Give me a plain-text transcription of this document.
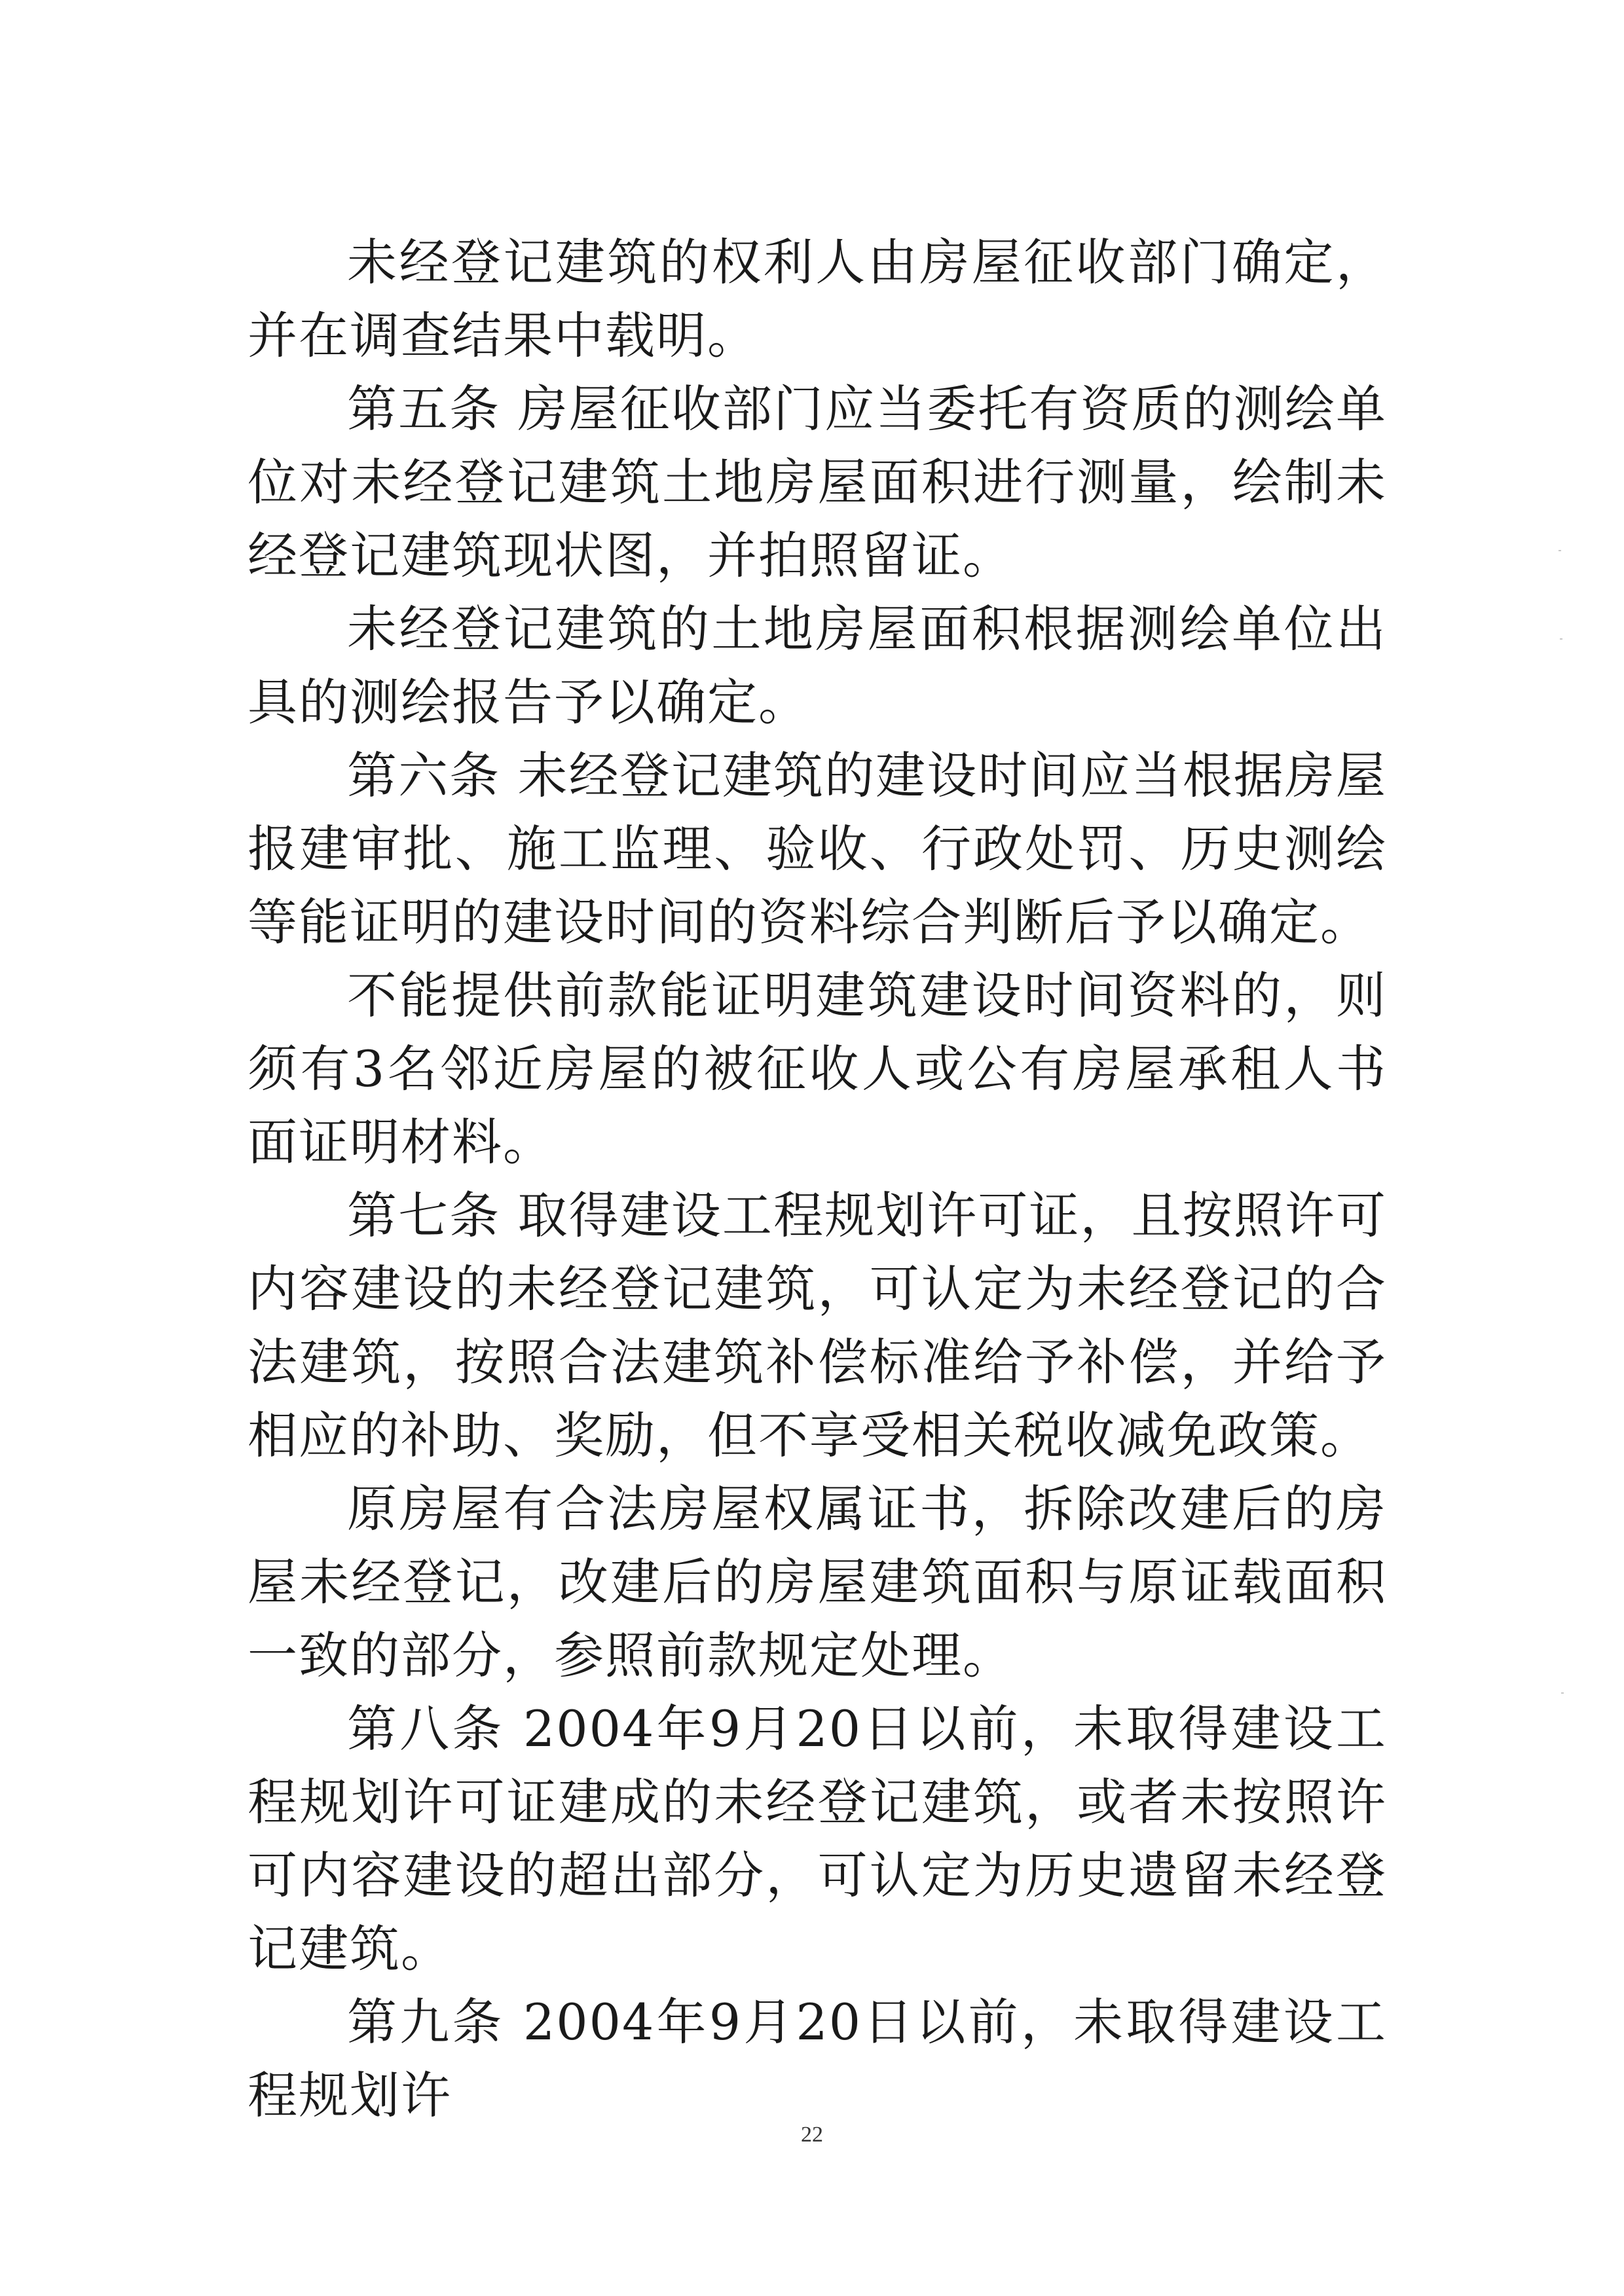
未经登记建筑的权利人由房屋征收部门确定，并在调查结果中载明。

第五条 房屋征收部门应当委托有资质的测绘单位对未经登记建筑土地房屋面积进行测量，绘制未经登记建筑现状图，并拍照留证。

未经登记建筑的土地房屋面积根据测绘单位出具的测绘报告予以确定。

第六条 未经登记建筑的建设时间应当根据房屋报建审批、施工监理、验收、行政处罚、历史测绘等能证明的建设时间的资料综合判断后予以确定。

不能提供前款能证明建筑建设时间资料的，则须有3名邻近房屋的被征收人或公有房屋承租人书面证明材料。

第七条 取得建设工程规划许可证，且按照许可内容建设的未经登记建筑，可认定为未经登记的合法建筑，按照合法建筑补偿标准给予补偿，并给予相应的补助、奖励，但不享受相关税收减免政策。

原房屋有合法房屋权属证书，拆除改建后的房屋未经登记，改建后的房屋建筑面积与原证载面积一致的部分，参照前款规定处理。

第八条 2004年9月20日以前，未取得建设工程规划许可证建成的未经登记建筑，或者未按照许可内容建设的超出部分，可认定为历史遗留未经登记建筑。

第九条 2004年9月20日以前，未取得建设工程规划许

22
